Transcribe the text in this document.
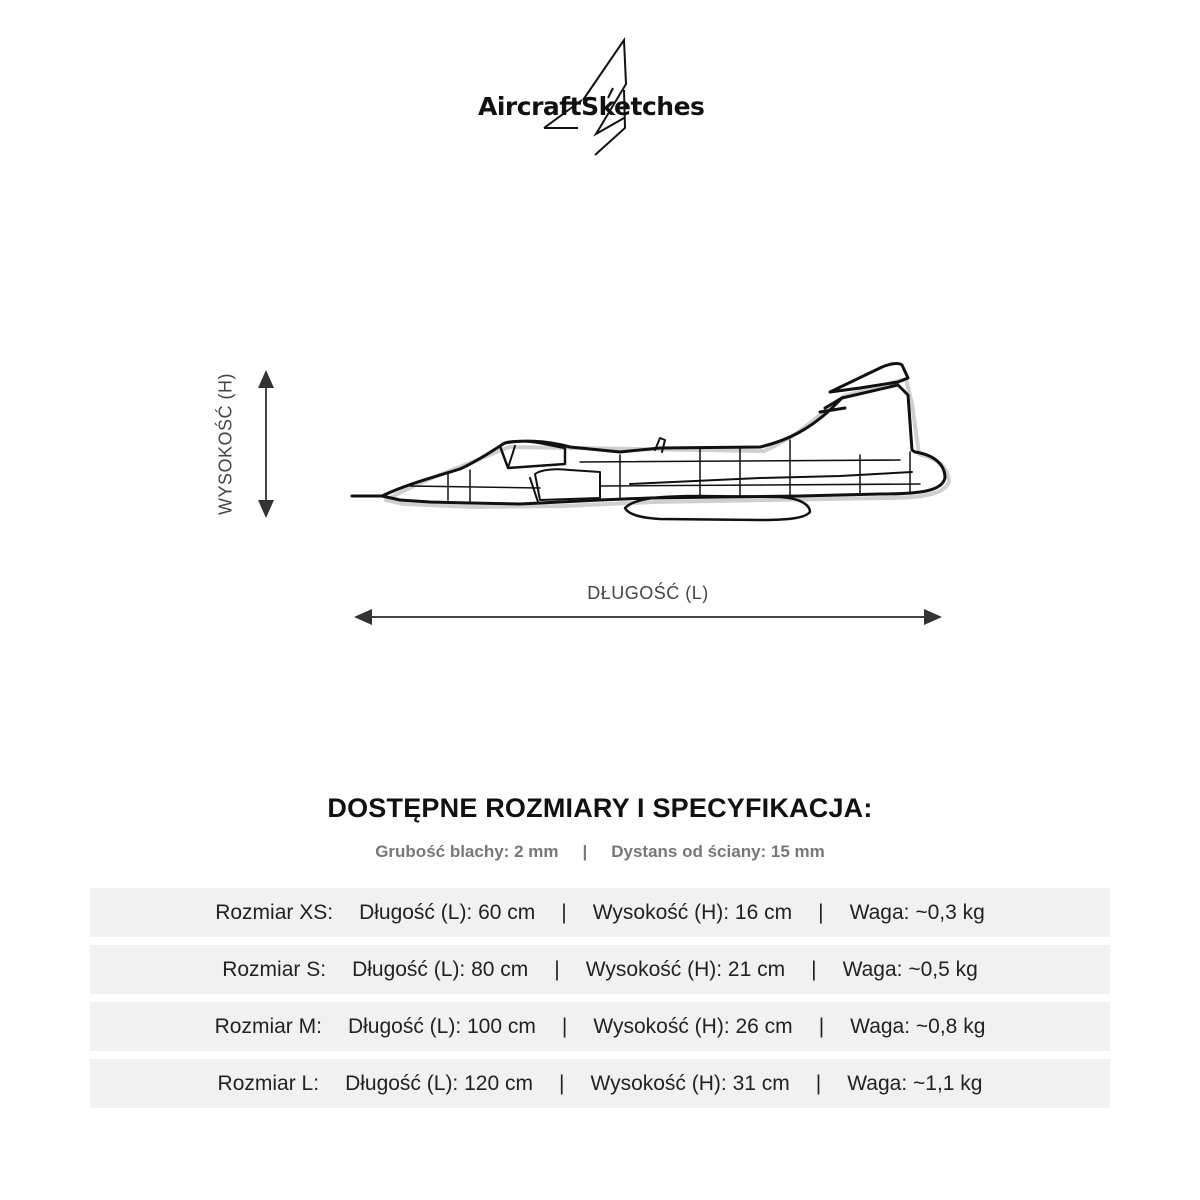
AircraftSketches
WYSOKOŚĆ (H)
DŁUGOŚĆ (L)
DOSTĘPNE ROZMIARY I SPECYFIKACJA:
Grubość blachy: 2 mm | Dystans od ściany: 15 mm
Rozmiar XS: Długość (L): 60 cm | Wysokość (H): 16 cm | Waga: ~0,3 kg
Rozmiar S: Długość (L): 80 cm | Wysokość (H): 21 cm | Waga: ~0,5 kg
Rozmiar M: Długość (L): 100 cm | Wysokość (H): 26 cm | Waga: ~0,8 kg
Rozmiar L: Długość (L): 120 cm | Wysokość (H): 31 cm | Waga: ~1,1 kg
